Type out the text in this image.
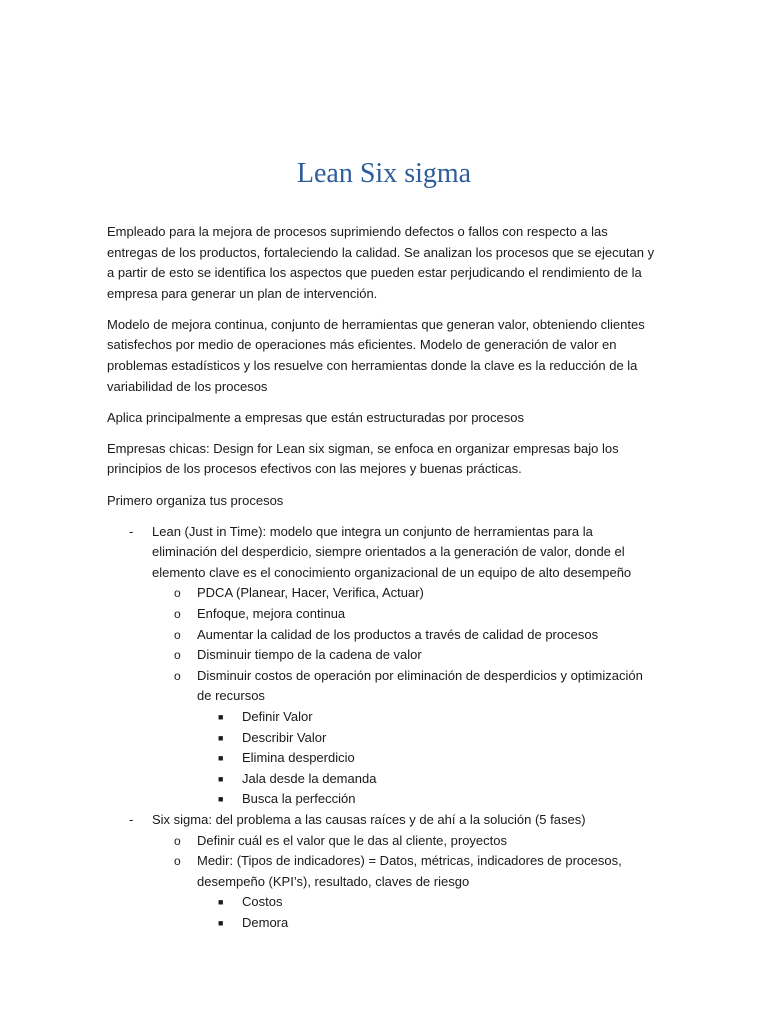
Lean Six sigma

Empleado para la mejora de procesos suprimiendo defectos o fallos con respecto a las entregas de los productos, fortaleciendo la calidad. Se analizan los procesos que se ejecutan y a partir de esto se identifica los aspectos que pueden estar perjudicando el rendimiento de la empresa para generar un plan de intervención.

Modelo de mejora continua, conjunto de herramientas que generan valor, obteniendo clientes satisfechos por medio de operaciones más eficientes. Modelo de generación de valor en problemas estadísticos y los resuelve con herramientas donde la clave es la reducción de la variabilidad de los procesos

Aplica principalmente a empresas que están estructuradas por procesos

Empresas chicas: Design for Lean six sigman, se enfoca en organizar empresas bajo los principios de los procesos efectivos con las mejores y buenas prácticas.

Primero organiza tus procesos

- Lean (Just in Time): modelo que integra un conjunto de herramientas para la eliminación del desperdicio, siempre orientados a la generación de valor, donde el elemento clave es el conocimiento organizacional de un equipo de alto desempeño
o PDCA (Planear, Hacer, Verifica, Actuar)
o Enfoque, mejora continua
o Aumentar la calidad de los productos a través de calidad de procesos
o Disminuir tiempo de la cadena de valor
o Disminuir costos de operación por eliminación de desperdicios y optimización de recursos
■ Definir Valor
■ Describir Valor
■ Elimina desperdicio
■ Jala desde la demanda
■ Busca la perfección
- Six sigma: del problema a las causas raíces y de ahí a la solución (5 fases)
o Definir cuál es el valor que le das al cliente, proyectos
o Medir: (Tipos de indicadores) = Datos, métricas, indicadores de procesos, desempeño (KPI’s), resultado, claves de riesgo
■ Costos
■ Demora
